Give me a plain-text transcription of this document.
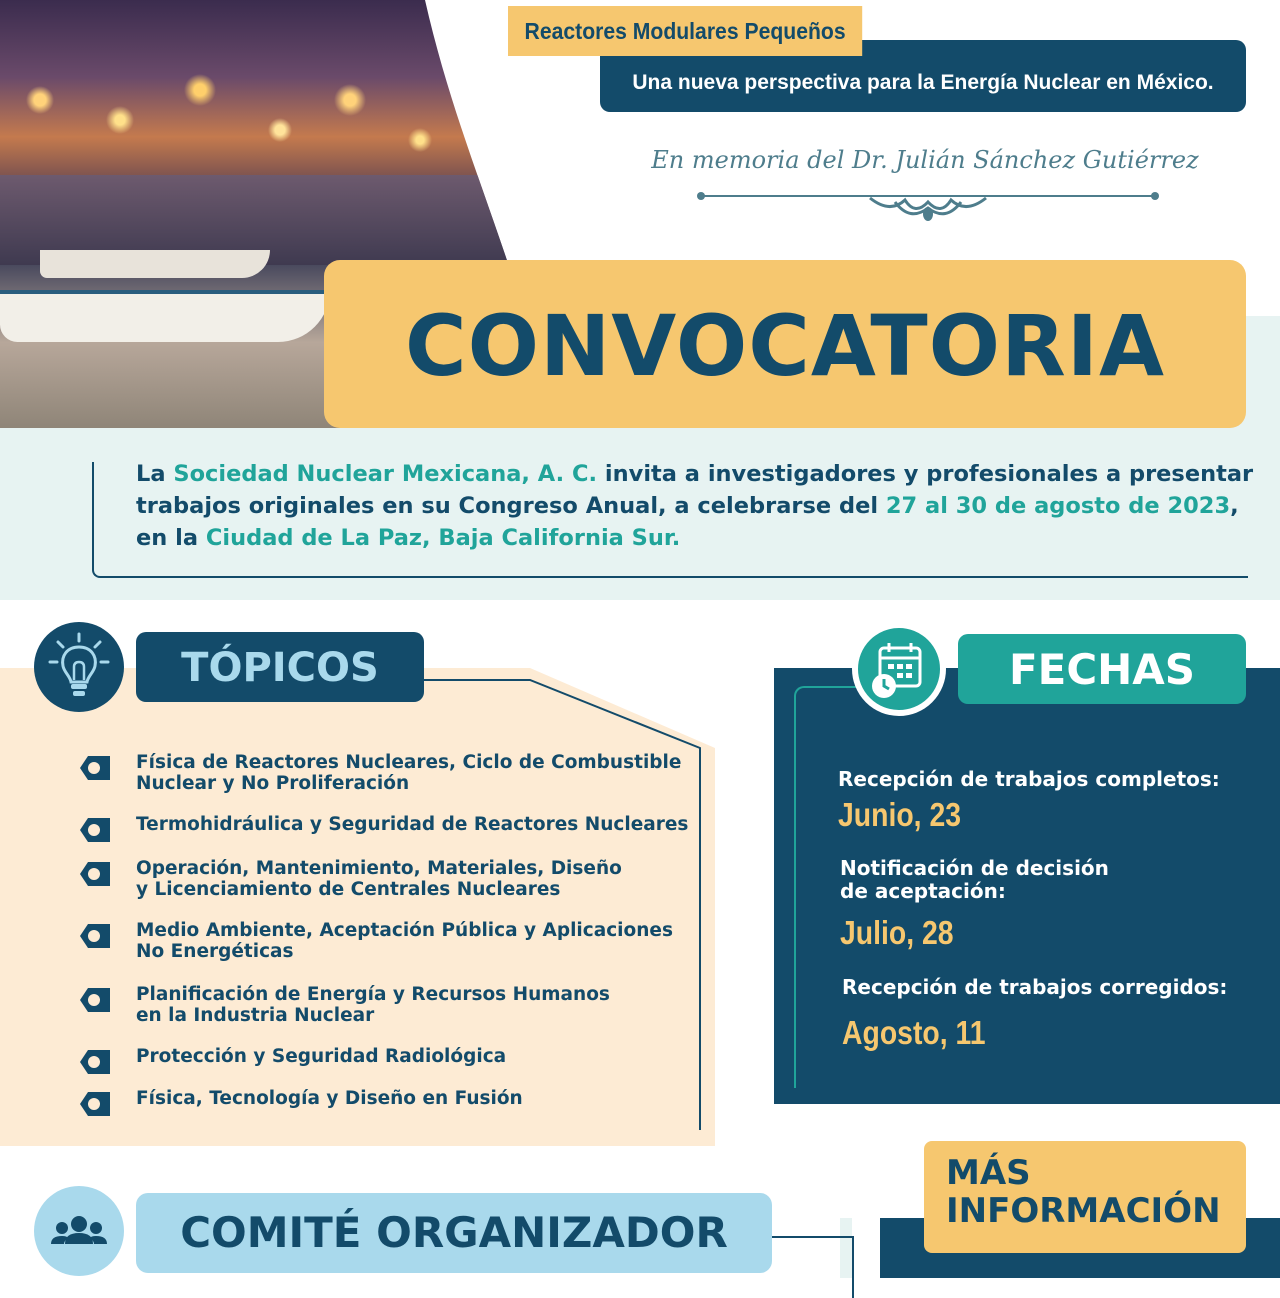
Una nueva perspectiva para la Energía Nuclear en México.
Reactores Modulares Pequeños
En memoria del Dr. Julián Sánchez Gutiérrez
CONVOCATORIA

La Sociedad Nuclear Mexicana, A. C. invita a investigadores y profesionales a presentar trabajos originales en su Congreso Anual, a celebrarse del 27 al 30 de agosto de 2023, en la Ciudad de La Paz, Baja California Sur.

TÓPICOS
Física de Reactores Nucleares, Ciclo de Combustible
Nuclear y No Proliferación
Termohidráulica y Seguridad de Reactores Nucleares
Operación, Mantenimiento, Materiales, Diseño
y Licenciamiento de Centrales Nucleares
Medio Ambiente, Aceptación Pública y Aplicaciones
No Energéticas
Planificación de Energía y Recursos Humanos
en la Industria Nuclear
Protección y Seguridad Radiológica
Física, Tecnología y Diseño en Fusión
FECHAS
Recepción de trabajos completos:
Junio, 23
Notificación de decisión
de aceptación:
Julio, 28
Recepción de trabajos corregidos:
Agosto, 11
COMITÉ ORGANIZADOR
MÁS
INFORMACIÓN
